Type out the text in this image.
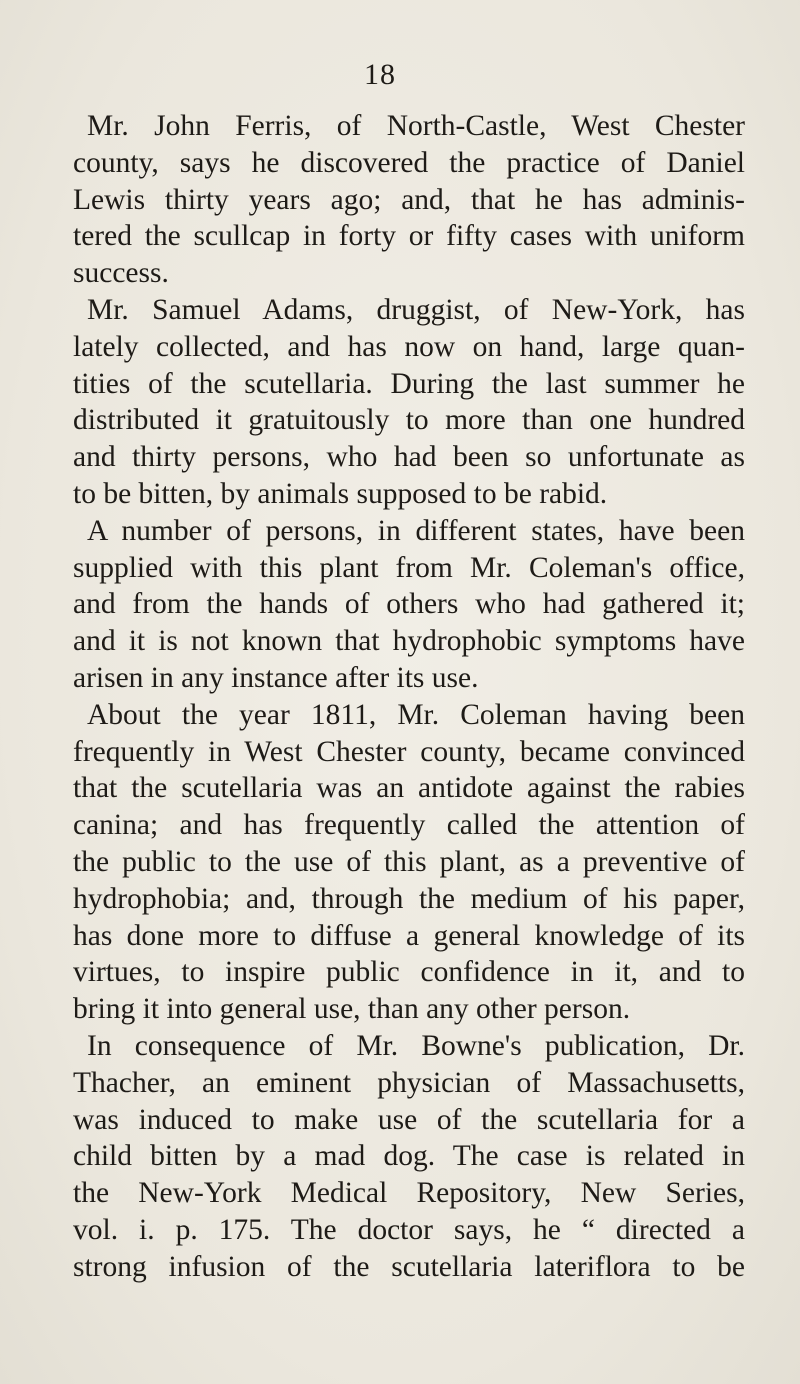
18
Mr. John Ferris, of North-Castle, West Chester
county, says he discovered the practice of Daniel
Lewis thirty years ago; and, that he has adminis-
tered the scullcap in forty or fifty cases with uniform
success.
Mr. Samuel Adams, druggist, of New-York, has
lately collected, and has now on hand, large quan-
tities of the scutellaria. During the last summer he
distributed it gratuitously to more than one hundred
and thirty persons, who had been so unfortunate as
to be bitten, by animals supposed to be rabid.
A number of persons, in different states, have been
supplied with this plant from Mr. Coleman's office,
and from the hands of others who had gathered it;
and it is not known that hydrophobic symptoms have
arisen in any instance after its use.
About the year 1811, Mr. Coleman having been
frequently in West Chester county, became convinced
that the scutellaria was an antidote against the rabies
canina; and has frequently called the attention of
the public to the use of this plant, as a preventive of
hydrophobia; and, through the medium of his paper,
has done more to diffuse a general knowledge of its
virtues, to inspire public confidence in it, and to
bring it into general use, than any other person.
In consequence of Mr. Bowne's publication, Dr.
Thacher, an eminent physician of Massachusetts,
was induced to make use of the scutellaria for a
child bitten by a mad dog. The case is related in
the New-York Medical Repository, New Series,
vol. i. p. 175. The doctor says, he “ directed a
strong infusion of the scutellaria lateriflora to be
